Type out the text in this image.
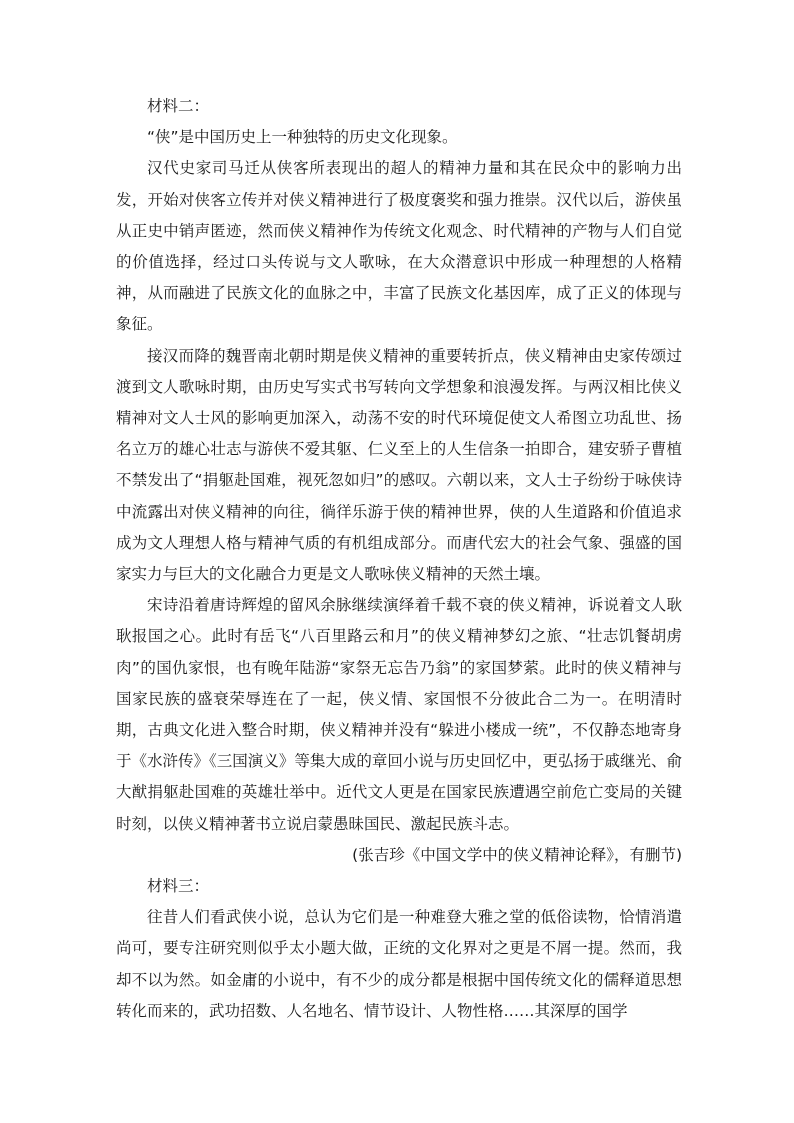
材料二：

“侠”是中国历史上一种独特的历史文化现象。

汉代史家司马迁从侠客所表现出的超人的精神力量和其在民众中的影响力出发，开始对侠客立传并对侠义精神进行了极度褒奖和强力推崇。汉代以后，游侠虽从正史中销声匿迹，然而侠义精神作为传统文化观念、时代精神的产物与人们自觉的价值选择，经过口头传说与文人歌咏，在大众潜意识中形成一种理想的人格精神，从而融进了民族文化的血脉之中，丰富了民族文化基因库，成了正义的体现与象征。

接汉而降的魏晋南北朝时期是侠义精神的重要转折点，侠义精神由史家传颂过渡到文人歌咏时期，由历史写实式书写转向文学想象和浪漫发挥。与两汉相比侠义精神对文人士风的影响更加深入，动荡不安的时代环境促使文人希图立功乱世、扬名立万的雄心壮志与游侠不爱其躯、仁义至上的人生信条一拍即合，建安骄子曹植不禁发出了“捐躯赴国难，视死忽如归”的感叹。六朝以来，文人士子纷纷于咏侠诗中流露出对侠义精神的向往，徜徉乐游于侠的精神世界，侠的人生道路和价值追求成为文人理想人格与精神气质的有机组成部分。而唐代宏大的社会气象、强盛的国家实力与巨大的文化融合力更是文人歌咏侠义精神的天然土壤。

宋诗沿着唐诗辉煌的留风余脉继续演绎着千载不衰的侠义精神，诉说着文人耿耿报国之心。此时有岳飞“八百里路云和月”的侠义精神梦幻之旅、“壮志饥餐胡虏肉”的国仇家恨，也有晚年陆游“家祭无忘告乃翁”的家国梦萦。此时的侠义精神与国家民族的盛衰荣辱连在了一起，侠义情、家国恨不分彼此合二为一。在明清时期，古典文化进入整合时期，侠义精神并没有“躲进小楼成一统”，不仅静态地寄身于《水浒传》《三国演义》等集大成的章回小说与历史回忆中，更弘扬于戚继光、俞大猷捐躯赴国难的英雄壮举中。近代文人更是在国家民族遭遇空前危亡变局的关键时刻，以侠义精神著书立说启蒙愚昧国民、激起民族斗志。

(张吉珍《中国文学中的侠义精神论释》，有删节)

材料三：

往昔人们看武侠小说，总认为它们是一种难登大雅之堂的低俗读物，恰情消遣尚可，要专注研究则似乎太小题大做，正统的文化界对之更是不屑一提。然而，我却不以为然。如金庸的小说中，有不少的成分都是根据中国传统文化的儒释道思想转化而来的，武功招数、人名地名、情节设计、人物性格……其深厚的国学
